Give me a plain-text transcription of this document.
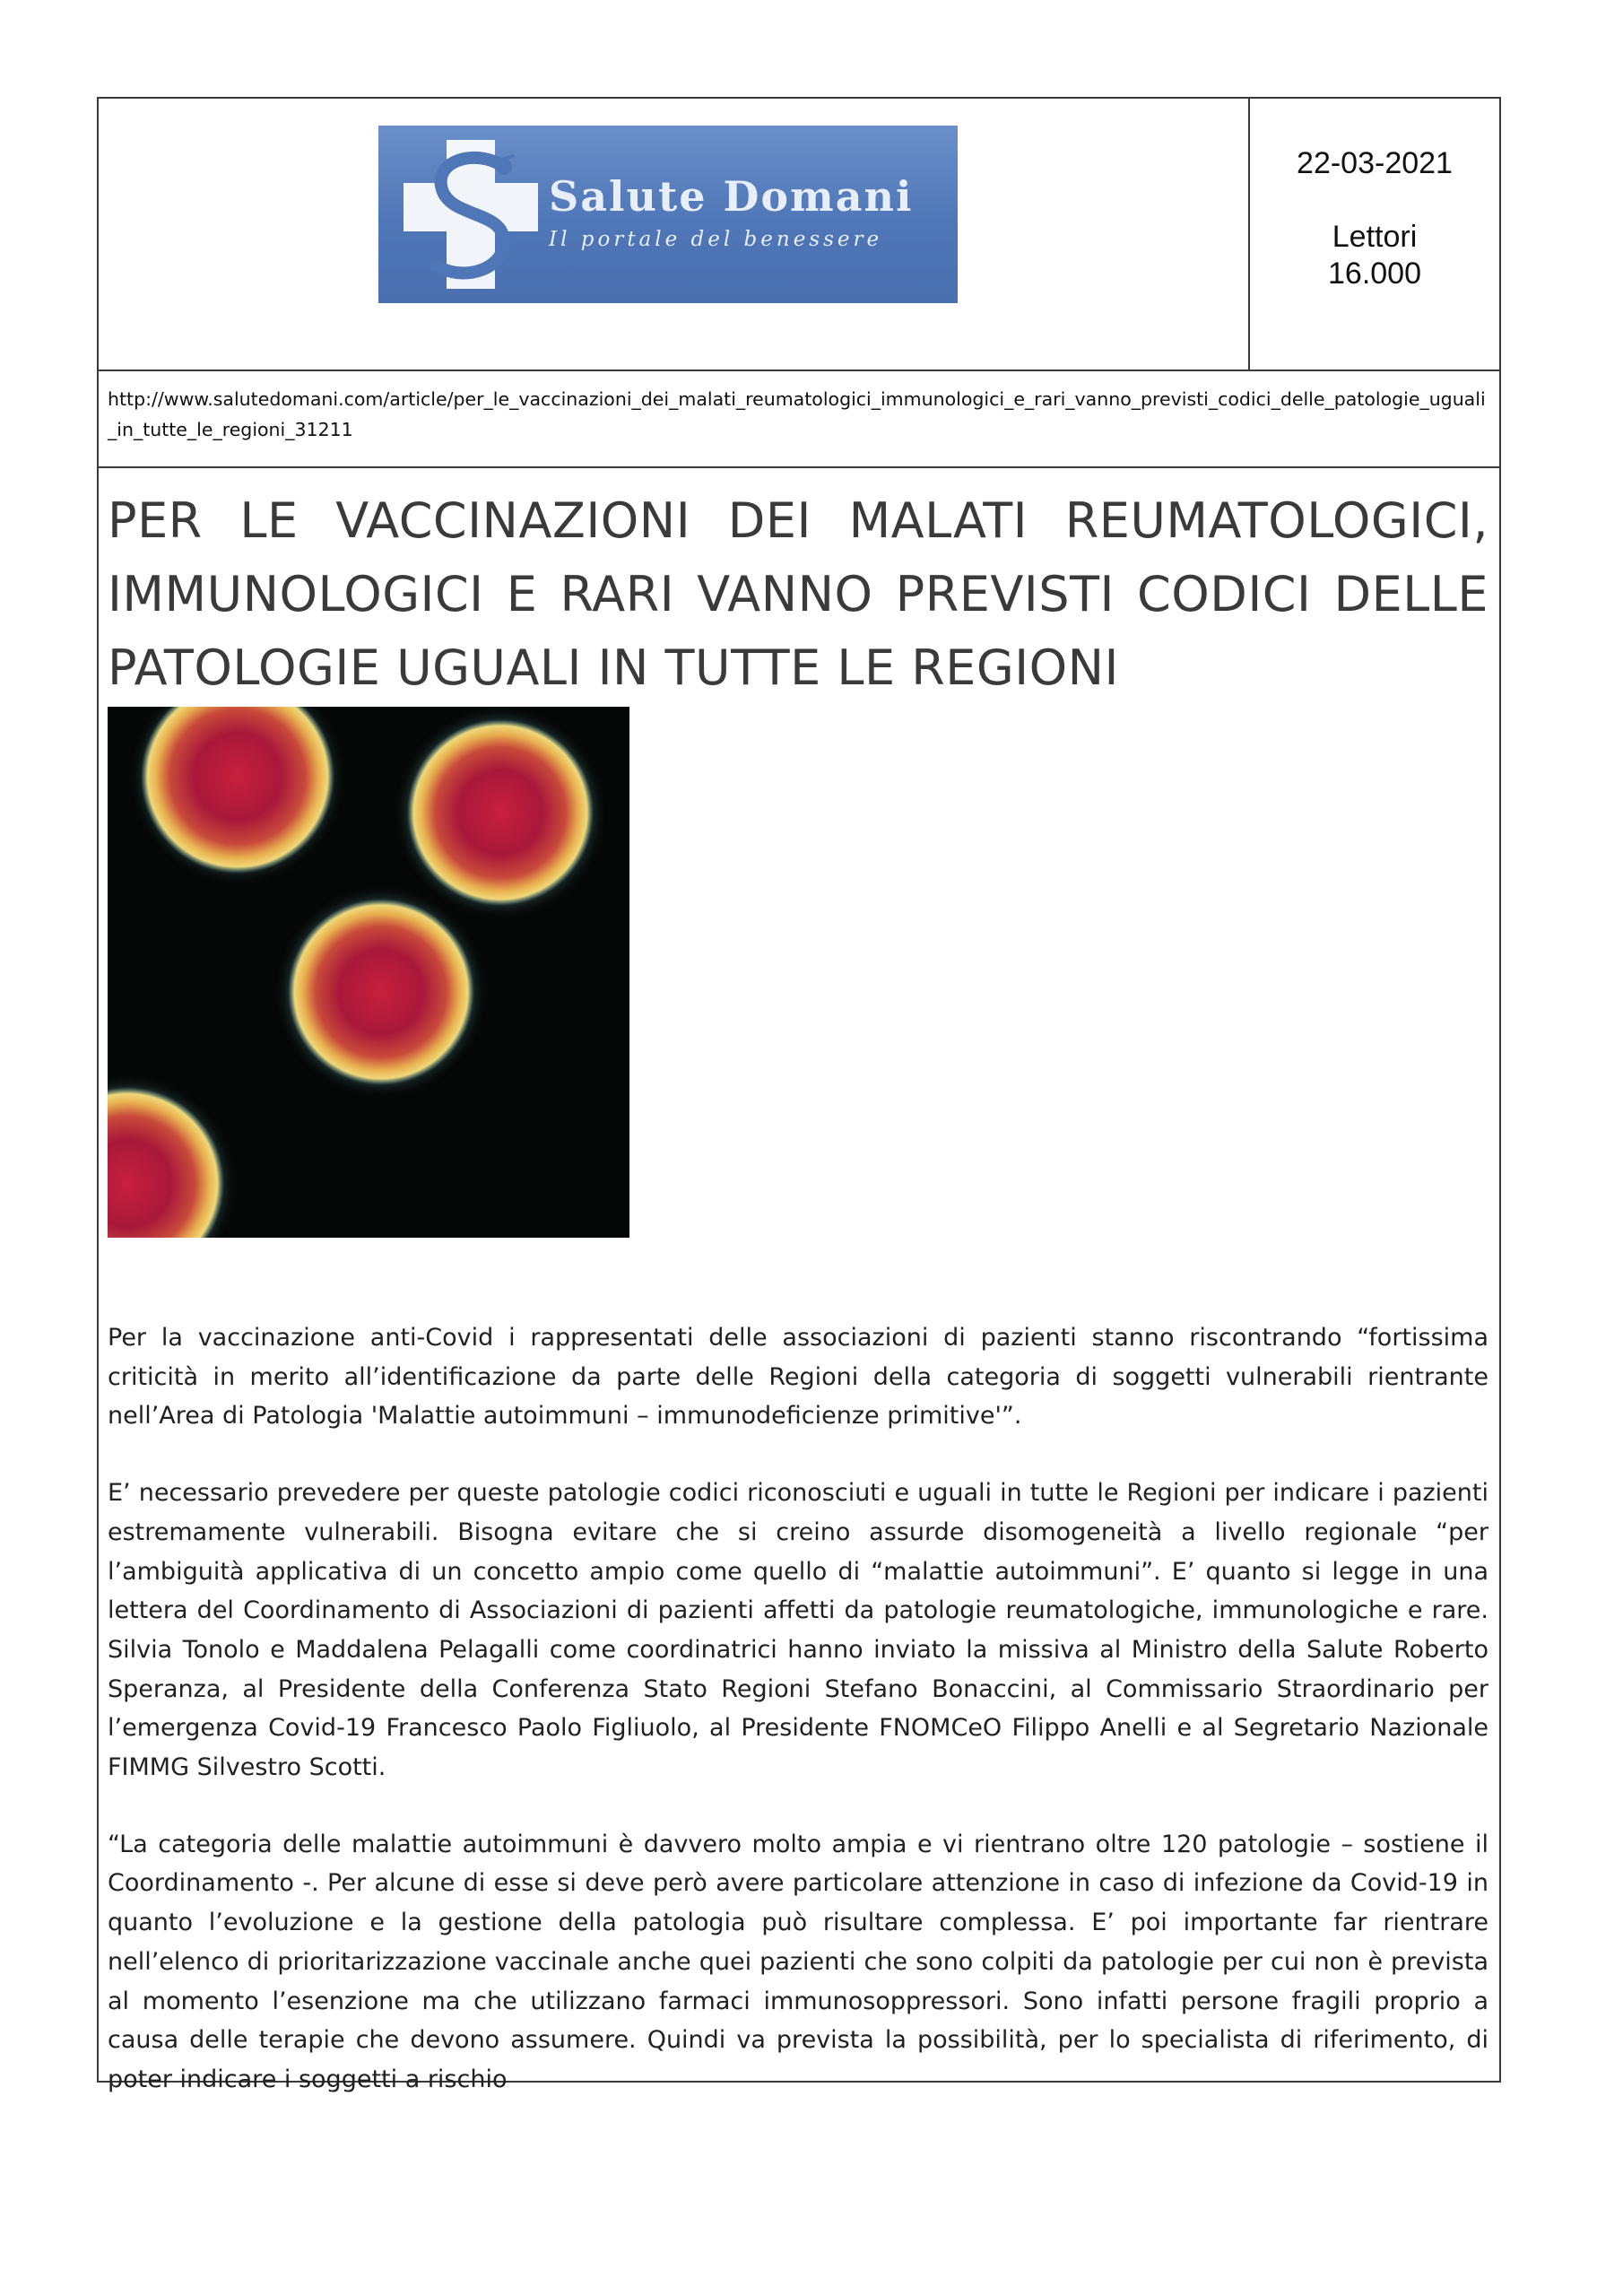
Salute Domani
Il portale del benessere
22-03-2021
Lettori
16.000
http://www.salutedomani.com/article/per_le_vaccinazioni_dei_malati_reumatologici_immunologici_e_rari_vanno_previsti_codici_delle_patologie_uguali_in_tutte_le_regioni_31211
PER LE VACCINAZIONI DEI MALATI REUMATOLOGICI, IMMUNOLOGICI E RARI VANNO PREVISTI CODICI DELLE PATOLOGIE UGUALI IN TUTTE LE REGIONI

Per la vaccinazione anti-Covid i rappresentati delle associazioni di pazienti stanno riscontrando “fortissima criticità in merito all’identificazione da parte delle Regioni della categoria di soggetti vulnerabili rientrante nell’Area di Patologia 'Malattie autoimmuni – immunodeficienze primitive'”.

E’ necessario prevedere per queste patologie codici riconosciuti e uguali in tutte le Regioni per indicare i pazienti estremamente vulnerabili. Bisogna evitare che si creino assurde disomogeneità a livello regionale “per l’ambiguità applicativa di un concetto ampio come quello di “malattie autoimmuni”. E’ quanto si legge in una lettera del Coordinamento di Associazioni di pazienti affetti da patologie reumatologiche, immunologiche e rare. Silvia Tonolo e Maddalena Pelagalli come coordinatrici hanno inviato la missiva al Ministro della Salute Roberto Speranza, al Presidente della Conferenza Stato Regioni Stefano Bonaccini, al Commissario Straordinario per l’emergenza Covid-19 Francesco Paolo Figliuolo, al Presidente FNOMCeO Filippo Anelli e al Segretario Nazionale FIMMG Silvestro Scotti.

“La categoria delle malattie autoimmuni è davvero molto ampia e vi rientrano oltre 120 patologie – sostiene il Coordinamento -. Per alcune di esse si deve però avere particolare attenzione in caso di infezione da Covid-19 in quanto l’evoluzione e la gestione della patologia può risultare complessa. E’ poi importante far rientrare nell’elenco di prioritarizzazione vaccinale anche quei pazienti che sono colpiti da patologie per cui non è prevista al momento l’esenzione ma che utilizzano farmaci immunosoppressori. Sono infatti persone fragili proprio a causa delle terapie che devono assumere. Quindi va prevista la possibilità, per lo specialista di riferimento, di poter indicare i soggetti a rischio
